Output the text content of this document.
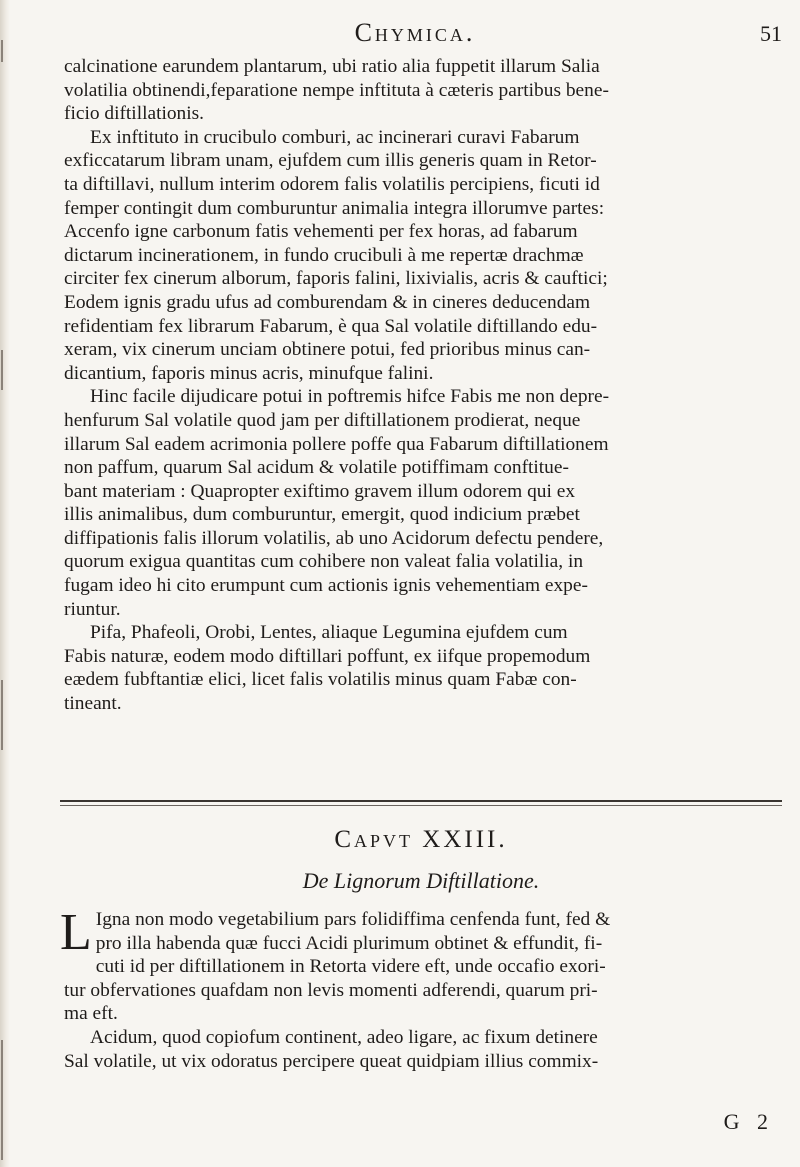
Chymica.	51
calcinatione earundem plantarum, ubi ratio alia fuppetit illarum Salia
volatilia obtinendi,feparatione nempe inftituta à cæteris partibus bene-
ficio diftillationis.
Ex inftituto in crucibulo comburi, ac incinerari curavi Fabarum
exficcatarum libram unam, ejufdem cum illis generis quam in Retor-
ta diftillavi, nullum interim odorem falis volatilis percipiens, ficuti id
femper contingit dum comburuntur animalia integra illorumve partes:
Accenfo igne carbonum fatis vehementi per fex horas, ad fabarum
dictarum incinerationem, in fundo crucibuli à me repertæ drachmæ
circiter fex cinerum alborum, faporis falini, lixivialis, acris & cauftici;
Eodem ignis gradu ufus ad comburendam & in cineres deducendam
refidentiam fex librarum Fabarum, è qua Sal volatile diftillando edu-
xeram, vix cinerum unciam obtinere potui, fed prioribus minus can-
dicantium, faporis minus acris, minufque falini.
Hinc facile dijudicare potui in poftremis hifce Fabis me non depre-
henfurum Sal volatile quod jam per diftillationem prodierat, neque
illarum Sal eadem acrimonia pollere poffe qua Fabarum diftillationem
non paffum, quarum Sal acidum & volatile potiffimam conftitue-
bant materiam : Quapropter exiftimo gravem illum odorem qui ex
illis animalibus, dum comburuntur, emergit, quod indicium præbet
diffipationis falis illorum volatilis, ab uno Acidorum defectu pendere,
quorum exigua quantitas cum cohibere non valeat falia volatilia, in
fugam ideo hi cito erumpunt cum actionis ignis vehementiam expe-
riuntur.
Pifa, Phafeoli, Orobi, Lentes, aliaque Legumina ejufdem cum
Fabis naturæ, eodem modo diftillari poffunt, ex iifque propemodum
eædem fubftantiæ elici, licet falis volatilis minus quam Fabæ con-
tineant.
Capvt XXIII.
De Lignorum Diftillatione.
L Igna non modo vegetabilium pars folidiffima cenfenda funt, fed &
pro illa habenda quæ fucci Acidi plurimum obtinet & effundit, fi-
cuti id per diftillationem in Retorta videre eft, unde occafio exori-
tur obfervationes quafdam non levis momenti adferendi, quarum pri-
ma eft.
Acidum, quod copiofum continent, adeo ligare, ac fixum detinere
Sal volatile, ut vix odoratus percipere queat quidpiam illius commix-
G 2
